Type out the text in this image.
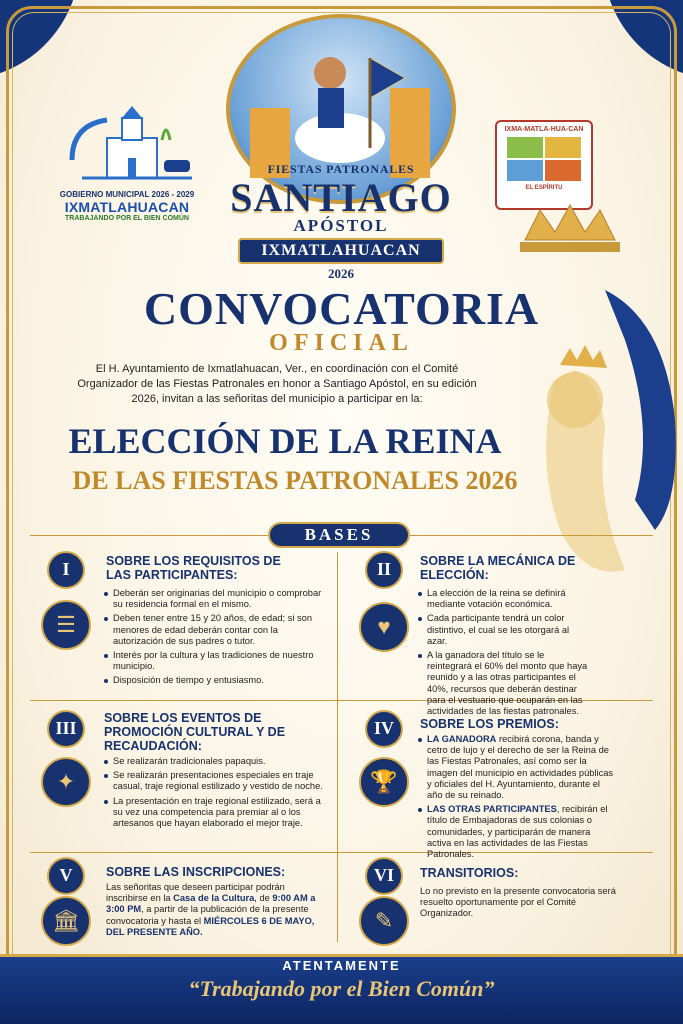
GOBIERNO MUNICIPAL 2026 - 2029
IXMATLAHUACAN
TRABAJANDO POR EL BIEN COMÚN
IXMA-MATLA-HUA-CAN
EL ESPÍRITU
FIESTAS PATRONALES
SANTIAGO
APÓSTOL
IXMATLAHUACAN
2026
CONVOCATORIA
OFICIAL
El H. Ayuntamiento de Ixmatlahuacan, Ver., en coordinación con el Comité Organizador de las Fiestas Patronales en honor a Santiago Apóstol, en su edición 2026, invitan a las señoritas del municipio a participar en la:
ELECCIÓN DE LA REINA
DE LAS FIESTAS PATRONALES 2026
BASES
I
☰
SOBRE LOS REQUISITOS DE LAS PARTICIPANTES:
Deberán ser originarias del municipio o comprobar su residencia formal en el mismo.
Deben tener entre 15 y 20 años, de edad; si son menores de edad deberán contar con la autorización de sus padres o tutor.
Interés por la cultura y las tradiciones de nuestro municipio.
Disposición de tiempo y entusiasmo.
II
♥
SOBRE LA MECÁNICA DE ELECCIÓN:
La elección de la reina se definirá mediante votación económica.
Cada participante tendrá un color distintivo, el cual se les otorgará al azar.
A la ganadora del título se le reintegrará el 60% del monto que haya reunido y a las otras participantes el 40%, recursos que deberán destinar para el vestuario que ocuparán en las actividades de las fiestas patronales.
III
✦
SOBRE LOS EVENTOS DE PROMOCIÓN CULTURAL Y DE RECAUDACIÓN:
Se realizarán tradicionales papaquis.
Se realizarán presentaciones especiales en traje casual, traje regional estilizado y vestido de noche.
La presentación en traje regional estilizado, será a su vez una competencia para premiar al o los artesanos que hayan elaborado el mejor traje.
IV
🏆
SOBRE LOS PREMIOS:
LA GANADORA recibirá corona, banda y cetro de lujo y el derecho de ser la Reina de las Fiestas Patronales, así como ser la imagen del municipio en actividades públicas y oficiales del H. Ayuntamiento, durante el año de su reinado.
LAS OTRAS PARTICIPANTES, recibirán el título de Embajadoras de sus colonias o comunidades, y participarán de manera activa en las actividades de las Fiestas Patronales.
V
🏛
SOBRE LAS INSCRIPCIONES:
Las señoritas que deseen participar podrán inscribirse en la Casa de la Cultura, de 9:00 AM a 3:00 PM, a partir de la publicación de la presente convocatoria y hasta el MIÉRCOLES 6 DE MAYO, DEL PRESENTE AÑO.
VI
✎
TRANSITORIOS:
Lo no previsto en la presente convocatoria será resuelto oportunamente por el Comité Organizador.
ATENTAMENTE
“Trabajando por el Bien Común”
